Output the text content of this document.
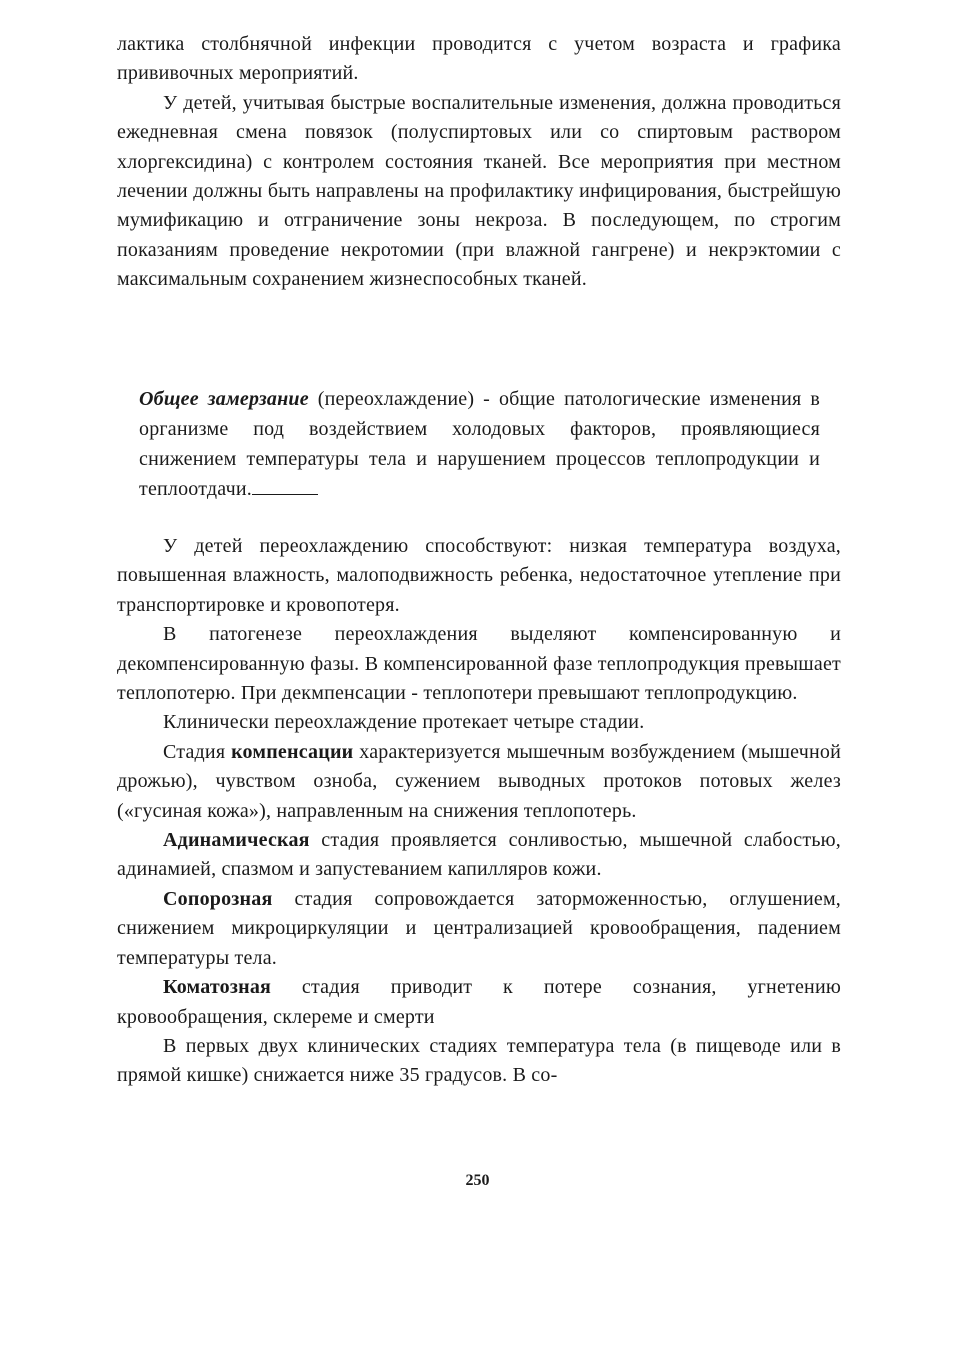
лактика столбнячной инфекции проводится с учетом возраста и графика прививочных мероприятий.

У детей, учитывая быстрые воспалительные изменения, должна проводиться ежедневная смена повязок (полуспиртовых или со спиртовым раствором хлоргексидина) с контролем состояния тканей. Все мероприятия при местном лечении должны быть направлены на профилактику инфицирования, быстрейшую мумификацию и отграничение зоны некроза. В последующем, по строгим показаниям проведение некротомии (при влажной гангрене) и некрэктомии с максимальным сохранением жизнеспособных тканей.

Общее замерзание (переохлаждение) - общие патологические изменения в организме под воздействием холодовых факторов, проявляющиеся снижением температуры тела и нарушением процессов теплопродукции и теплоотдачи.

У детей переохлаждению способствуют: низкая температура воздуха, повышенная влажность, малоподвижность ребенка, недостаточное утепление при транспортировке и кровопотеря.

В патогенезе переохлаждения выделяют компенсированную и декомпенсированную фазы. В компенсированной фазе теплопродукция превышает теплопотерю. При декмпенсации - теплопотери превышают теплопродукцию.

Клинически переохлаждение протекает четыре стадии.

Стадия компенсации характеризуется мышечным возбуждением (мышечной дрожью), чувством озноба, сужением выводных протоков потовых желез («гусиная кожа»), направленным на снижения теплопотерь.

Адинамическая стадия проявляется сонливостью, мышечной слабостью, адинамией, спазмом и запустеванием капилляров кожи.

Сопорозная стадия сопровождается заторможенностью, оглушением, снижением микроциркуляции и централизацией кровообращения, падением температуры тела.

Коматозная стадия приводит к потере сознания, угнетению кровообращения, склереме и смерти

В первых двух клинических стадиях температура тела (в пищеводе или в прямой кишке) снижается ниже 35 градусов. В со-

250
